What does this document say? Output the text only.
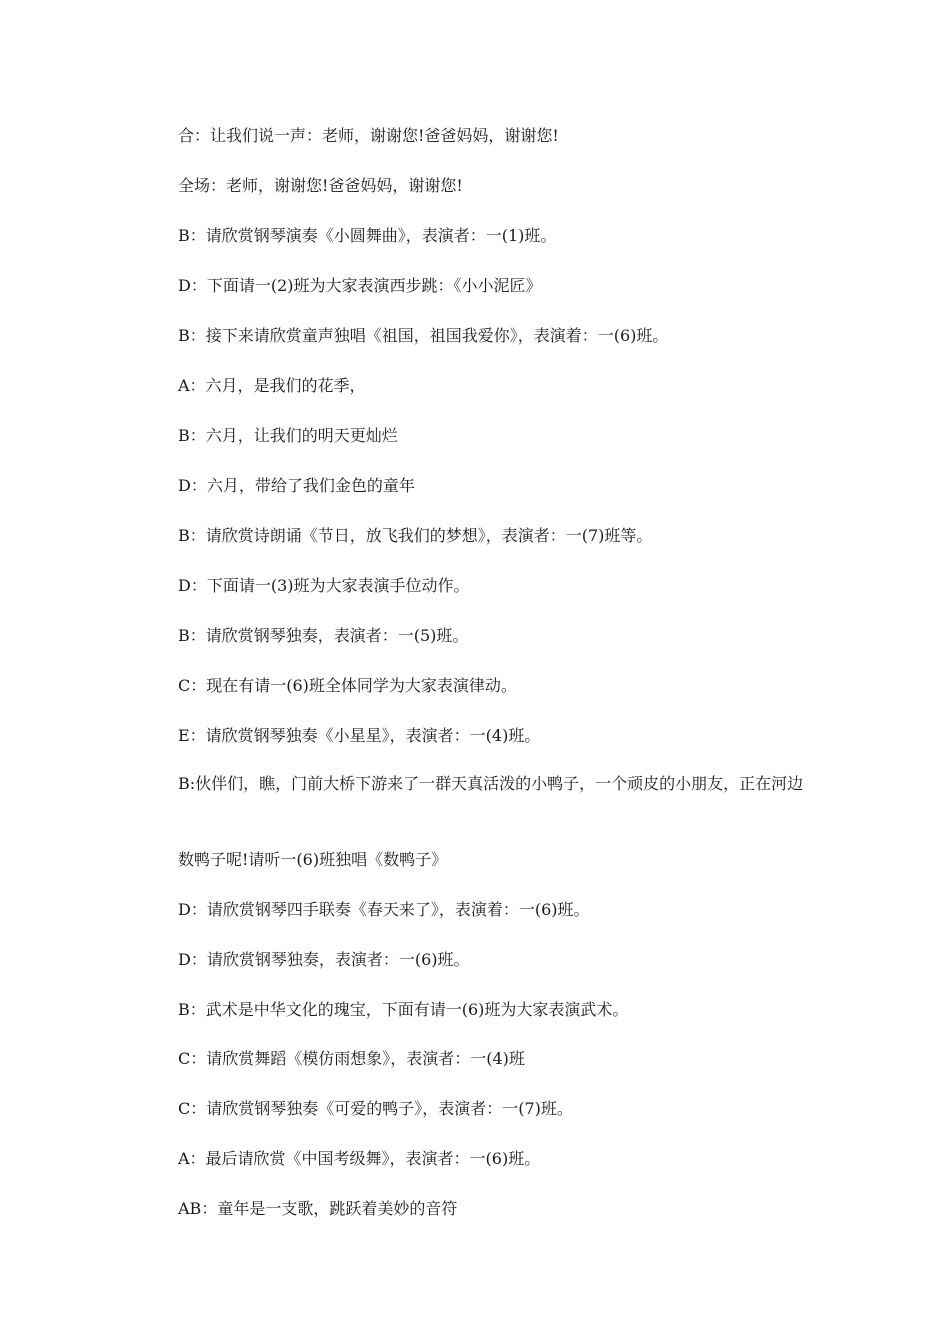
合：让我们说一声：老师，谢谢您!爸爸妈妈，谢谢您!
全场：老师，谢谢您!爸爸妈妈，谢谢您!
B：请欣赏钢琴演奏《小圆舞曲》，表演者：一(1)班。
D：下面请一(2)班为大家表演西步跳：《小小泥匠》
B：接下来请欣赏童声独唱《祖国，祖国我爱你》，表演着：一(6)班。
A：六月，是我们的花季，
B：六月，让我们的明天更灿烂
D：六月，带给了我们金色的童年
B：请欣赏诗朗诵《节日，放飞我们的梦想》，表演者：一(7)班等。
D：下面请一(3)班为大家表演手位动作。
B：请欣赏钢琴独奏，表演者：一(5)班。
C：现在有请一(6)班全体同学为大家表演律动。
E：请欣赏钢琴独奏《小星星》，表演者：一(4)班。
B:伙伴们，瞧，门前大桥下游来了一群天真活泼的小鸭子，一个顽皮的小朋友，正在河边
数鸭子呢!请听一(6)班独唱《数鸭子》
D：请欣赏钢琴四手联奏《春天来了》，表演着：一(6)班。
D：请欣赏钢琴独奏，表演者：一(6)班。
B：武术是中华文化的瑰宝，下面有请一(6)班为大家表演武术。
C：请欣赏舞蹈《模仿雨想象》，表演者：一(4)班
C：请欣赏钢琴独奏《可爱的鸭子》，表演者：一(7)班。
A：最后请欣赏《中国考级舞》，表演者：一(6)班。
AB：童年是一支歌，跳跃着美妙的音符
